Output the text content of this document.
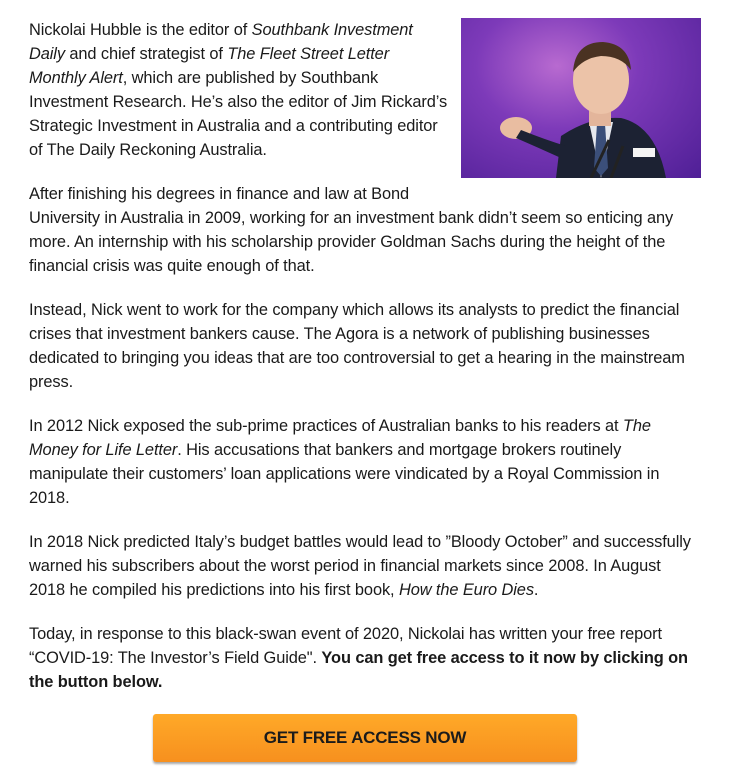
Nickolai Hubble is the editor of Southbank Investment Daily and chief strategist of The Fleet Street Letter Monthly Alert, which are published by Southbank Investment Research. He’s also the editor of Jim Rickard’s Strategic Investment in Australia and a contributing editor of The Daily Reckoning Australia.

After finishing his degrees in finance and law at Bond University in Australia in 2009, working for an investment bank didn’t seem so enticing any more. An internship with his scholarship provider Goldman Sachs during the height of the financial crisis was quite enough of that.

Instead, Nick went to work for the company which allows its analysts to predict the financial crises that investment bankers cause. The Agora is a network of publishing businesses dedicated to bringing you ideas that are too controversial to get a hearing in the mainstream press.

In 2012 Nick exposed the sub-prime practices of Australian banks to his readers at The Money for Life Letter. His accusations that bankers and mortgage brokers routinely manipulate their customers’ loan applications were vindicated by a Royal Commission in 2018.

In 2018 Nick predicted Italy’s budget battles would lead to ”Bloody October” and successfully warned his subscribers about the worst period in financial markets since 2008. In August 2018 he compiled his predictions into his first book, How the Euro Dies.

Today, in response to this black-swan event of 2020, Nickolai has written your free report “COVID-19: The Investor’s Field Guide". You can get free access to it now by clicking on the button below.

GET FREE ACCESS NOW
